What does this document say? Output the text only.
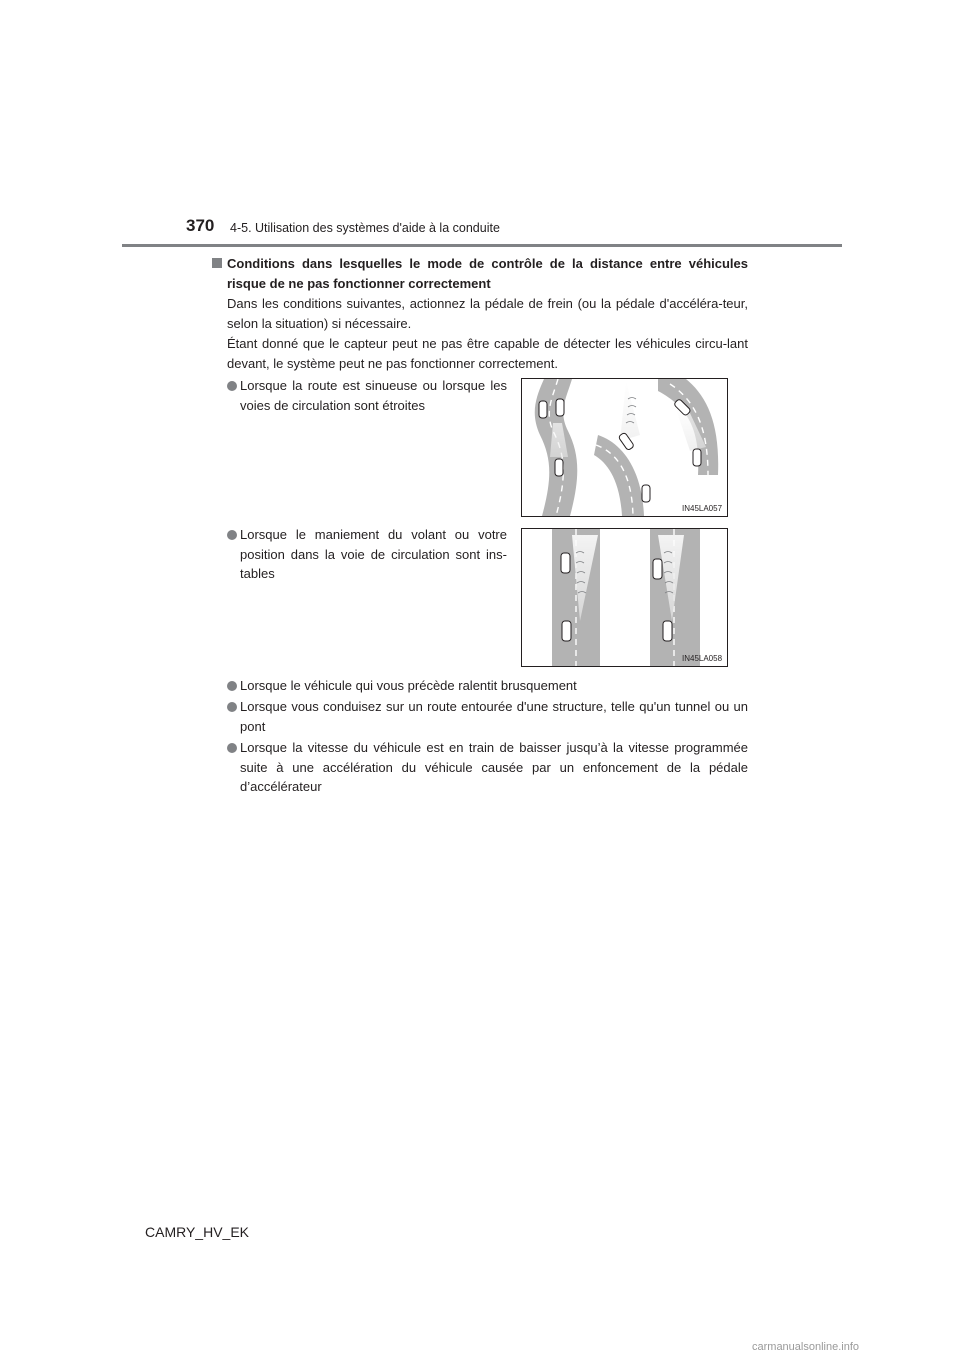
370 4-5. Utilisation des systèmes d'aide à la conduite
Conditions dans lesquelles le mode de contrôle de la distance entre véhicules risque de ne pas fonctionner correctement
Dans les conditions suivantes, actionnez la pédale de frein (ou la pédale d'accéléra-teur, selon la situation) si nécessaire.
Étant donné que le capteur peut ne pas être capable de détecter les véhicules circu-lant devant, le système peut ne pas fonctionner correctement.
Lorsque la route est sinueuse ou lorsque les voies de circulation sont étroites
Lorsque le maniement du volant ou votre position dans la voie de circulation sont ins-tables
Lorsque le véhicule qui vous précède ralentit brusquement
Lorsque vous conduisez sur un route entourée d'une structure, telle qu'un tunnel ou un pont
Lorsque la vitesse du véhicule est en train de baisser jusqu’à la vitesse programmée suite à une accélération du véhicule causée par un enfoncement de la pédale d’accélérateur
IN45LA057
IN45LA058
CAMRY_HV_EK
carmanualsonline.info
